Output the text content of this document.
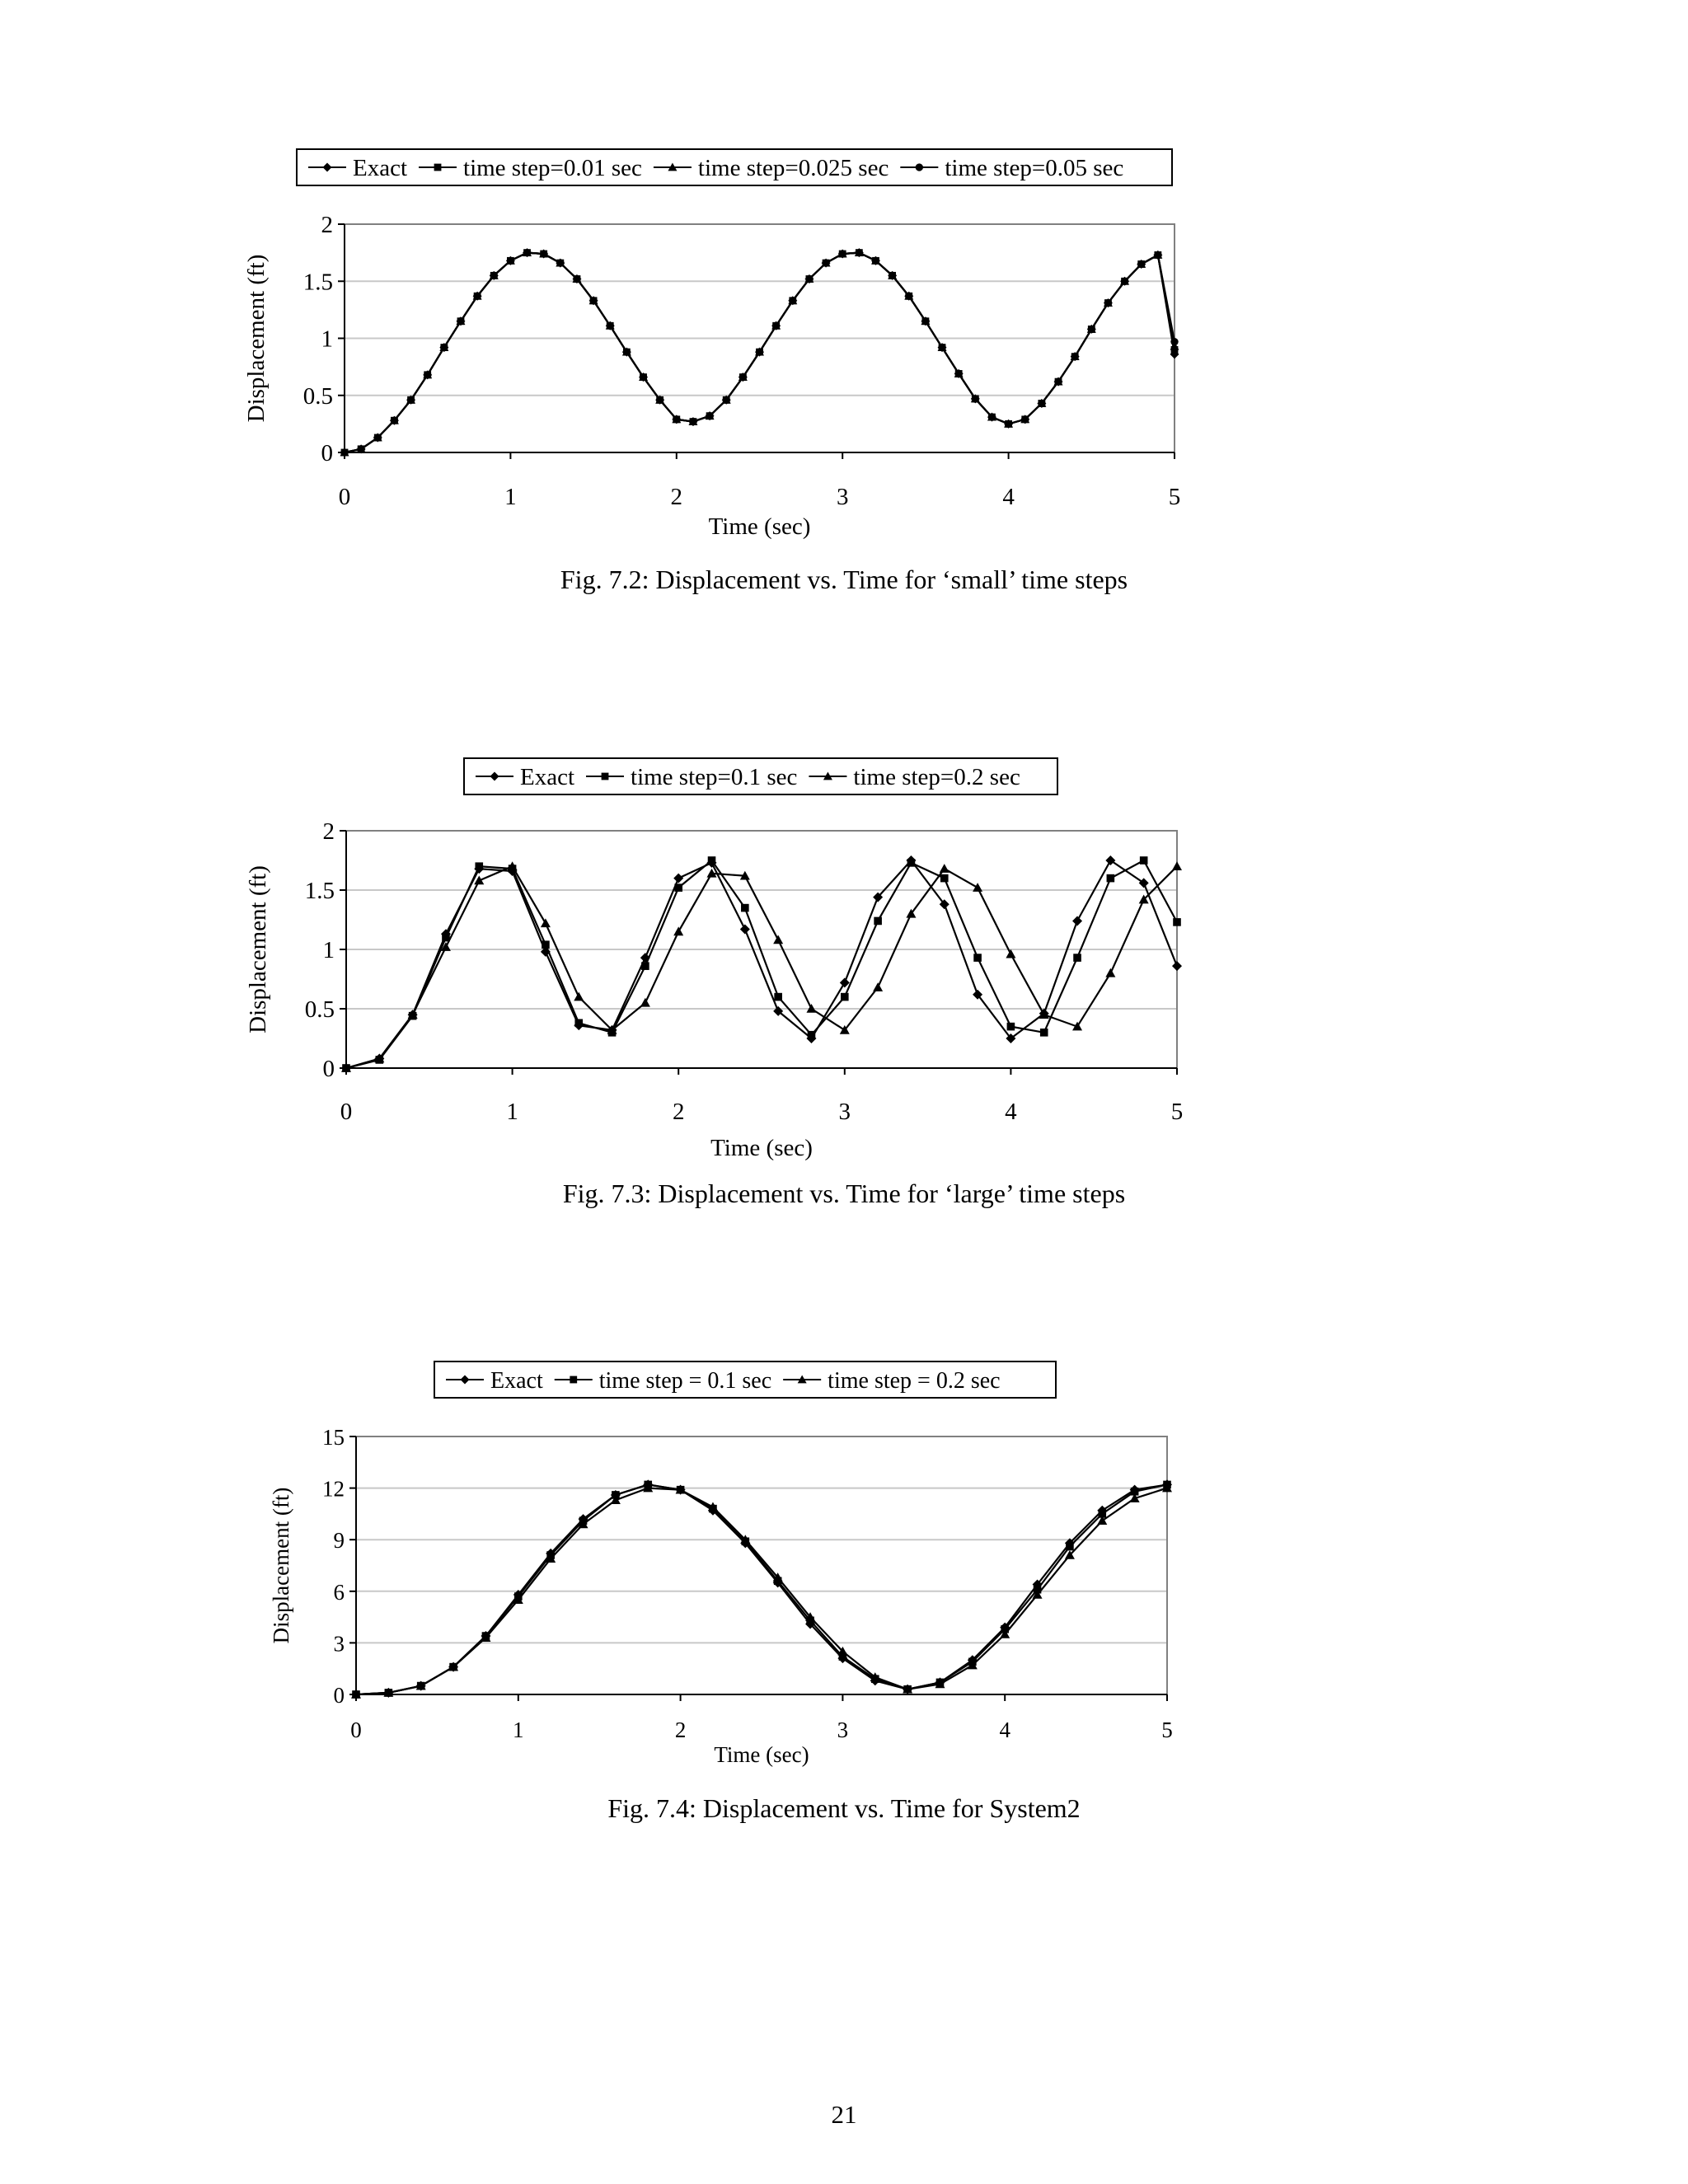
0
0.5
1
1.5
2
0	1	2	3	4	5
Time (sec)
Displacement (ft)
Exact time step=0.01 sec time step=0.025 sec time step=0.05 sec
Fig. 7.2: Displacement vs. Time for ‘small’ time steps
0
0.5
1
1.5
2
0	1	2	3	4	5
Time (sec)
Displacement (ft)
Exact time step=0.1 sec time step=0.2 sec
Fig. 7.3: Displacement vs. Time for ‘large’ time steps
0
3
6
9
12
15
0	1	2	3	4	5
Time (sec)
Displacement (ft)
Exact time step = 0.1 sec time step = 0.2 sec
Fig. 7.4: Displacement vs. Time for System2
21
